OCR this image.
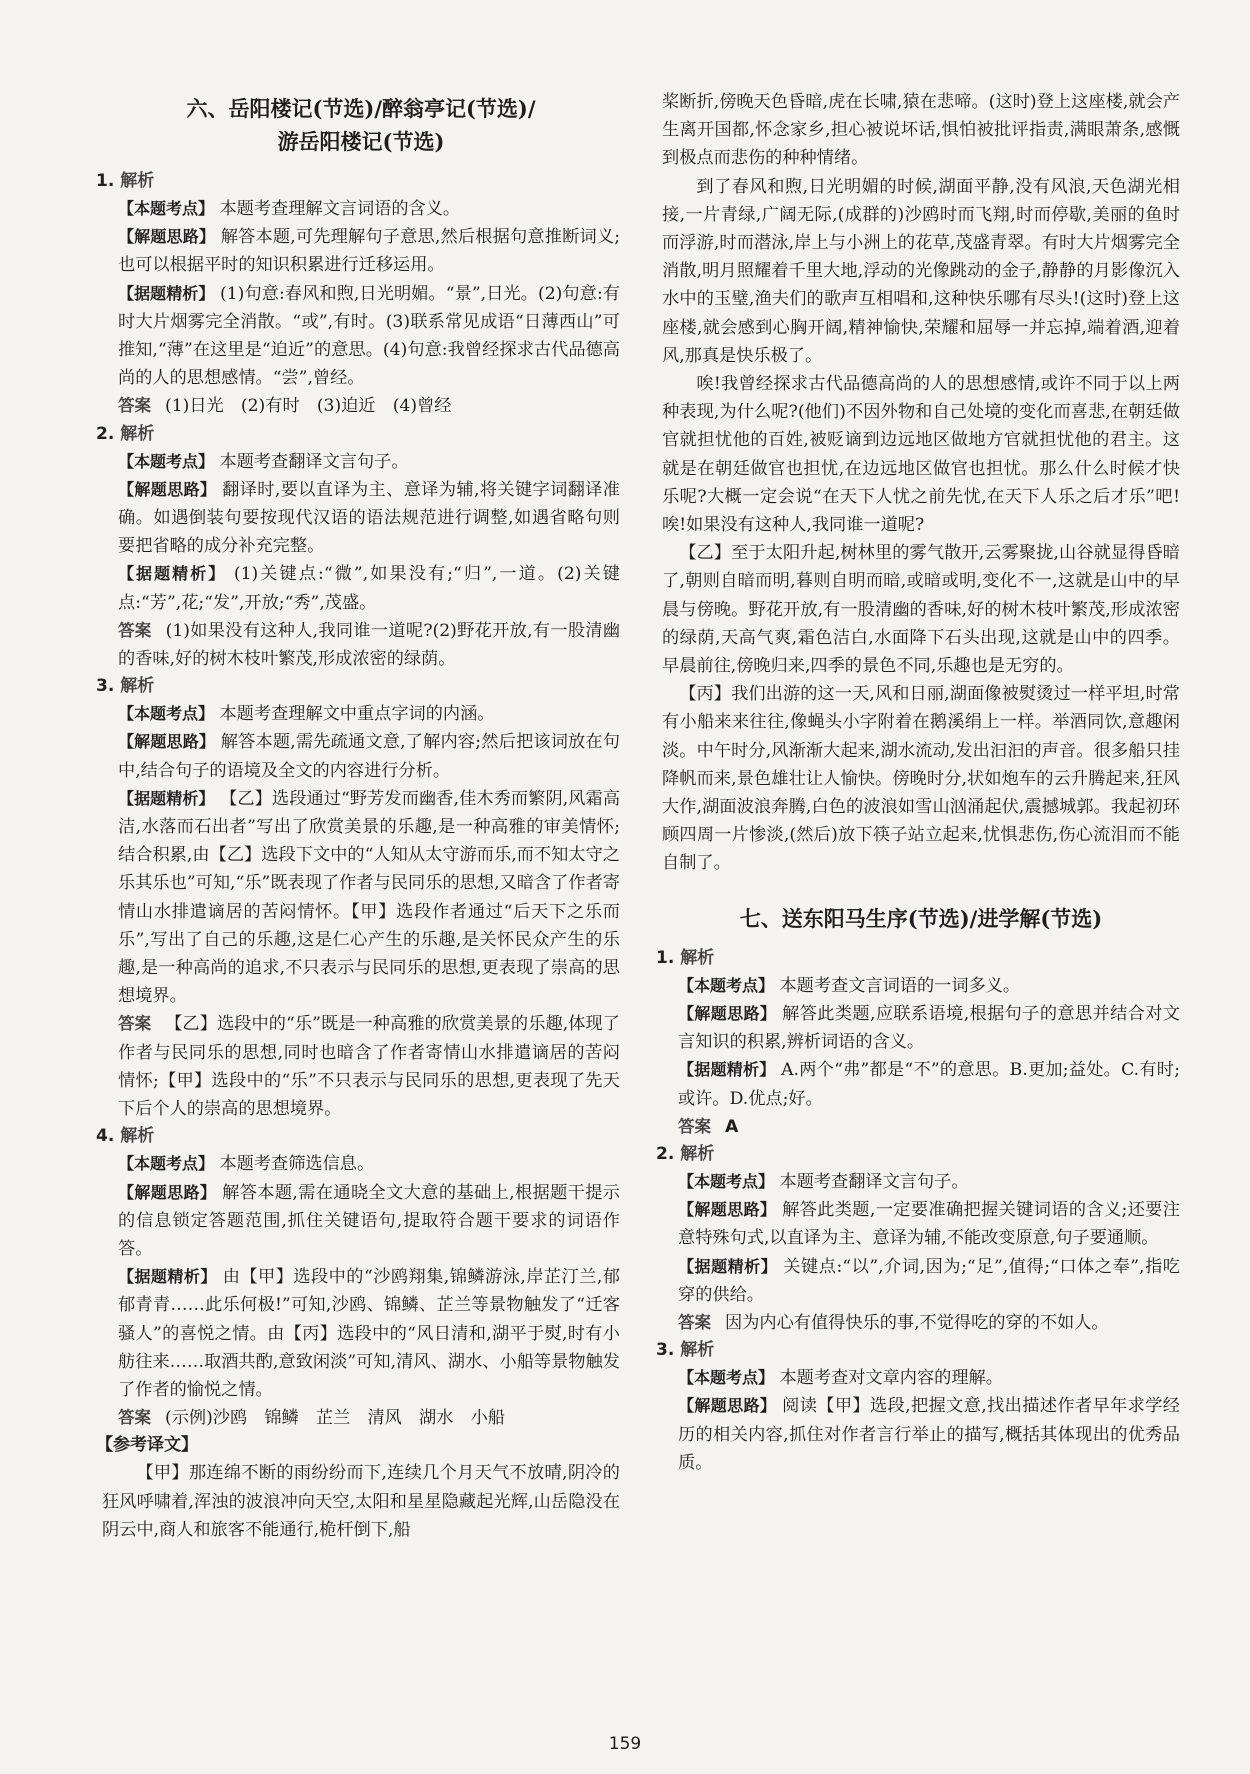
六、岳阳楼记(节选)/醉翁亭记(节选)/
游岳阳楼记(节选)
1. 解析
【本题考点】 本题考查理解文言词语的含义。
【解题思路】 解答本题,可先理解句子意思,然后根据句意推断词义;也可以根据平时的知识积累进行迁移运用。
【据题精析】 (1)句意:春风和煦,日光明媚。“景”,日光。(2)句意:有时大片烟雾完全消散。“或”,有时。(3)联系常见成语“日薄西山”可推知,“薄”在这里是“迫近”的意思。(4)句意:我曾经探求古代品德高尚的人的思想感情。“尝”,曾经。
答案 (1)日光　(2)有时　(3)迫近　(4)曾经
2. 解析
【本题考点】 本题考查翻译文言句子。
【解题思路】 翻译时,要以直译为主、意译为辅,将关键字词翻译准确。如遇倒装句要按现代汉语的语法规范进行调整,如遇省略句则要把省略的成分补充完整。
【据题精析】 (1)关键点:“微”,如果没有;“归”,一道。(2)关键点:“芳”,花;“发”,开放;“秀”,茂盛。
答案 (1)如果没有这种人,我同谁一道呢?(2)野花开放,有一股清幽的香味,好的树木枝叶繁茂,形成浓密的绿荫。
3. 解析
【本题考点】 本题考查理解文中重点字词的内涵。
【解题思路】 解答本题,需先疏通文意,了解内容;然后把该词放在句中,结合句子的语境及全文的内容进行分析。
【据题精析】 【乙】选段通过“野芳发而幽香,佳木秀而繁阴,风霜高洁,水落而石出者”写出了欣赏美景的乐趣,是一种高雅的审美情怀;结合积累,由【乙】选段下文中的“人知从太守游而乐,而不知太守之乐其乐也”可知,“乐”既表现了作者与民同乐的思想,又暗含了作者寄情山水排遣谪居的苦闷情怀。【甲】选段作者通过“后天下之乐而乐”,写出了自己的乐趣,这是仁心产生的乐趣,是关怀民众产生的乐趣,是一种高尚的追求,不只表示与民同乐的思想,更表现了崇高的思想境界。
答案 【乙】选段中的“乐”既是一种高雅的欣赏美景的乐趣,体现了作者与民同乐的思想,同时也暗含了作者寄情山水排遣谪居的苦闷情怀;【甲】选段中的“乐”不只表示与民同乐的思想,更表现了先天下后个人的崇高的思想境界。
4. 解析
【本题考点】 本题考查筛选信息。
【解题思路】 解答本题,需在通晓全文大意的基础上,根据题干提示的信息锁定答题范围,抓住关键语句,提取符合题干要求的词语作答。
【据题精析】 由【甲】选段中的“沙鸥翔集,锦鳞游泳,岸芷汀兰,郁郁青青……此乐何极!”可知,沙鸥、锦鳞、芷兰等景物触发了“迁客骚人”的喜悦之情。由【丙】选段中的“风日清和,湖平于熨,时有小舫往来……取酒共酌,意致闲淡”可知,清风、湖水、小船等景物触发了作者的愉悦之情。
答案 (示例)沙鸥　锦鳞　芷兰　清风　湖水　小船
【参考译文】
【甲】那连绵不断的雨纷纷而下,连续几个月天气不放晴,阴冷的狂风呼啸着,浑浊的波浪冲向天空,太阳和星星隐藏起光辉,山岳隐没在阴云中,商人和旅客不能通行,桅杆倒下,船
桨断折,傍晚天色昏暗,虎在长啸,猿在悲啼。(这时)登上这座楼,就会产生离开国都,怀念家乡,担心被说坏话,惧怕被批评指责,满眼萧条,感慨到极点而悲伤的种种情绪。
到了春风和煦,日光明媚的时候,湖面平静,没有风浪,天色湖光相接,一片青绿,广阔无际,(成群的)沙鸥时而飞翔,时而停歇,美丽的鱼时而浮游,时而潜泳,岸上与小洲上的花草,茂盛青翠。有时大片烟雾完全消散,明月照耀着千里大地,浮动的光像跳动的金子,静静的月影像沉入水中的玉璧,渔夫们的歌声互相唱和,这种快乐哪有尽头!(这时)登上这座楼,就会感到心胸开阔,精神愉快,荣耀和屈辱一并忘掉,端着酒,迎着风,那真是快乐极了。
唉!我曾经探求古代品德高尚的人的思想感情,或许不同于以上两种表现,为什么呢?(他们)不因外物和自己处境的变化而喜悲,在朝廷做官就担忧他的百姓,被贬谪到边远地区做地方官就担忧他的君主。这就是在朝廷做官也担忧,在边远地区做官也担忧。那么什么时候才快乐呢?大概一定会说“在天下人忧之前先忧,在天下人乐之后才乐”吧!唉!如果没有这种人,我同谁一道呢?
【乙】至于太阳升起,树林里的雾气散开,云雾聚拢,山谷就显得昏暗了,朝则自暗而明,暮则自明而暗,或暗或明,变化不一,这就是山中的早晨与傍晚。野花开放,有一股清幽的香味,好的树木枝叶繁茂,形成浓密的绿荫,天高气爽,霜色洁白,水面降下石头出现,这就是山中的四季。早晨前往,傍晚归来,四季的景色不同,乐趣也是无穷的。
【丙】我们出游的这一天,风和日丽,湖面像被熨烫过一样平坦,时常有小船来来往往,像蝇头小字附着在鹅溪绢上一样。举酒同饮,意趣闲淡。中午时分,风渐渐大起来,湖水流动,发出汩汩的声音。很多船只挂降帆而来,景色雄壮让人愉快。傍晚时分,状如炮车的云升腾起来,狂风大作,湖面波浪奔腾,白色的波浪如雪山汹涌起伏,震撼城郭。我起初环顾四周一片惨淡,(然后)放下筷子站立起来,忧惧悲伤,伤心流泪而不能自制了。
七、送东阳马生序(节选)/进学解(节选)
1. 解析
【本题考点】 本题考查文言词语的一词多义。
【解题思路】 解答此类题,应联系语境,根据句子的意思并结合对文言知识的积累,辨析词语的含义。
【据题精析】 A.两个“弗”都是“不”的意思。B.更加;益处。C.有时;或许。D.优点;好。
答案 A
2. 解析
【本题考点】 本题考查翻译文言句子。
【解题思路】 解答此类题,一定要准确把握关键词语的含义;还要注意特殊句式,以直译为主、意译为辅,不能改变原意,句子要通顺。
【据题精析】 关键点:“以”,介词,因为;“足”,值得;“口体之奉”,指吃穿的供给。
答案 因为内心有值得快乐的事,不觉得吃的穿的不如人。
3. 解析
【本题考点】 本题考查对文章内容的理解。
【解题思路】 阅读【甲】选段,把握文意,找出描述作者早年求学经历的相关内容,抓住对作者言行举止的描写,概括其体现出的优秀品质。
159
